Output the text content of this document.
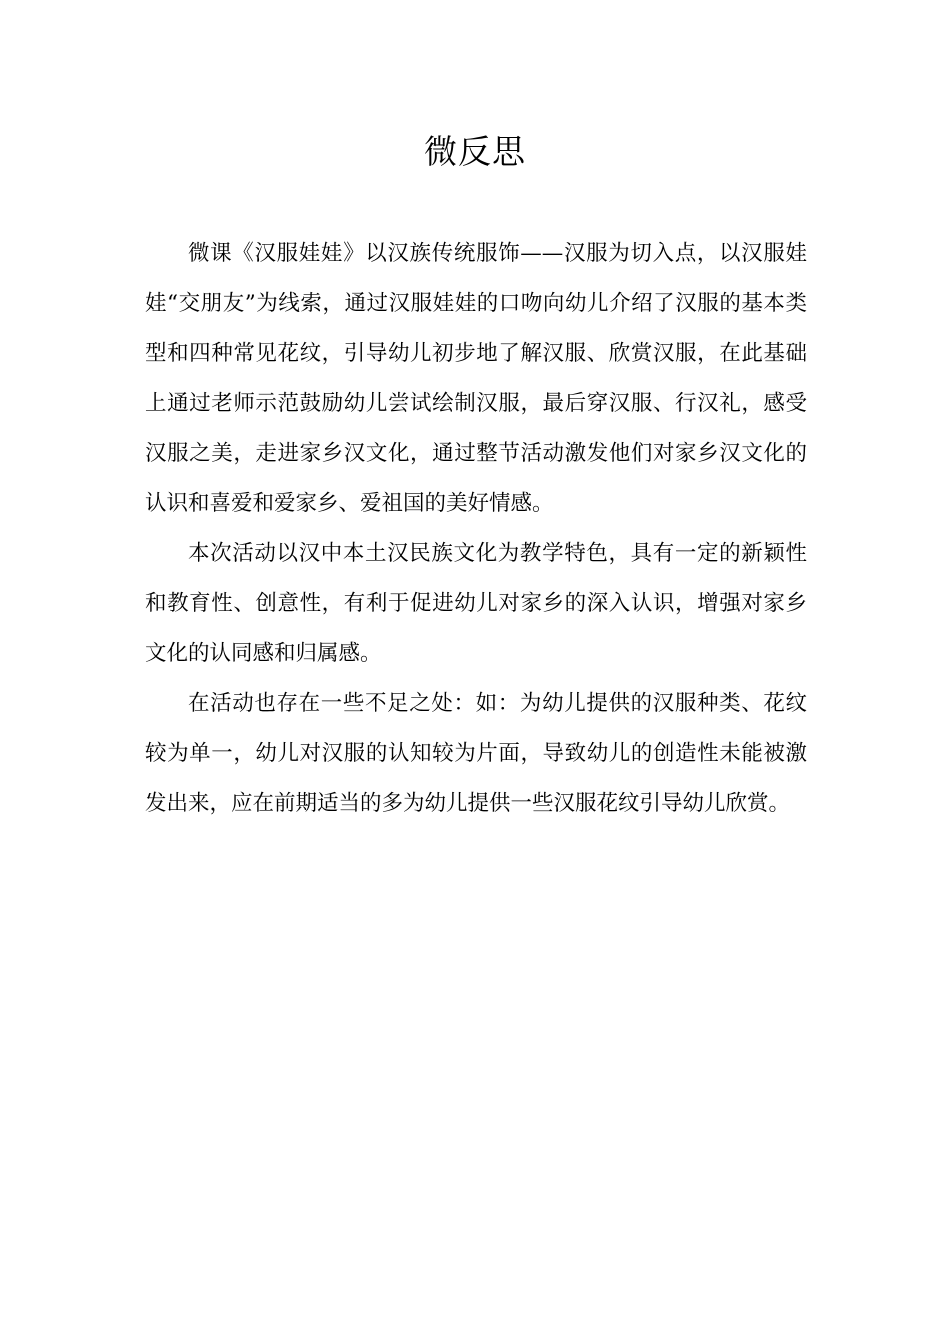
微反思

微课《汉服娃娃》以汉族传统服饰——汉服为切入点，以汉服娃娃“交朋友”为线索，通过汉服娃娃的口吻向幼儿介绍了汉服的基本类型和四种常见花纹，引导幼儿初步地了解汉服、欣赏汉服，在此基础上通过老师示范鼓励幼儿尝试绘制汉服，最后穿汉服、行汉礼，感受汉服之美，走进家乡汉文化，通过整节活动激发他们对家乡汉文化的认识和喜爱和爱家乡、爱祖国的美好情感。

本次活动以汉中本土汉民族文化为教学特色，具有一定的新颖性和教育性、创意性，有利于促进幼儿对家乡的深入认识，增强对家乡文化的认同感和归属感。

在活动也存在一些不足之处：如：为幼儿提供的汉服种类、花纹较为单一，幼儿对汉服的认知较为片面，导致幼儿的创造性未能被激发出来，应在前期适当的多为幼儿提供一些汉服花纹引导幼儿欣赏。
